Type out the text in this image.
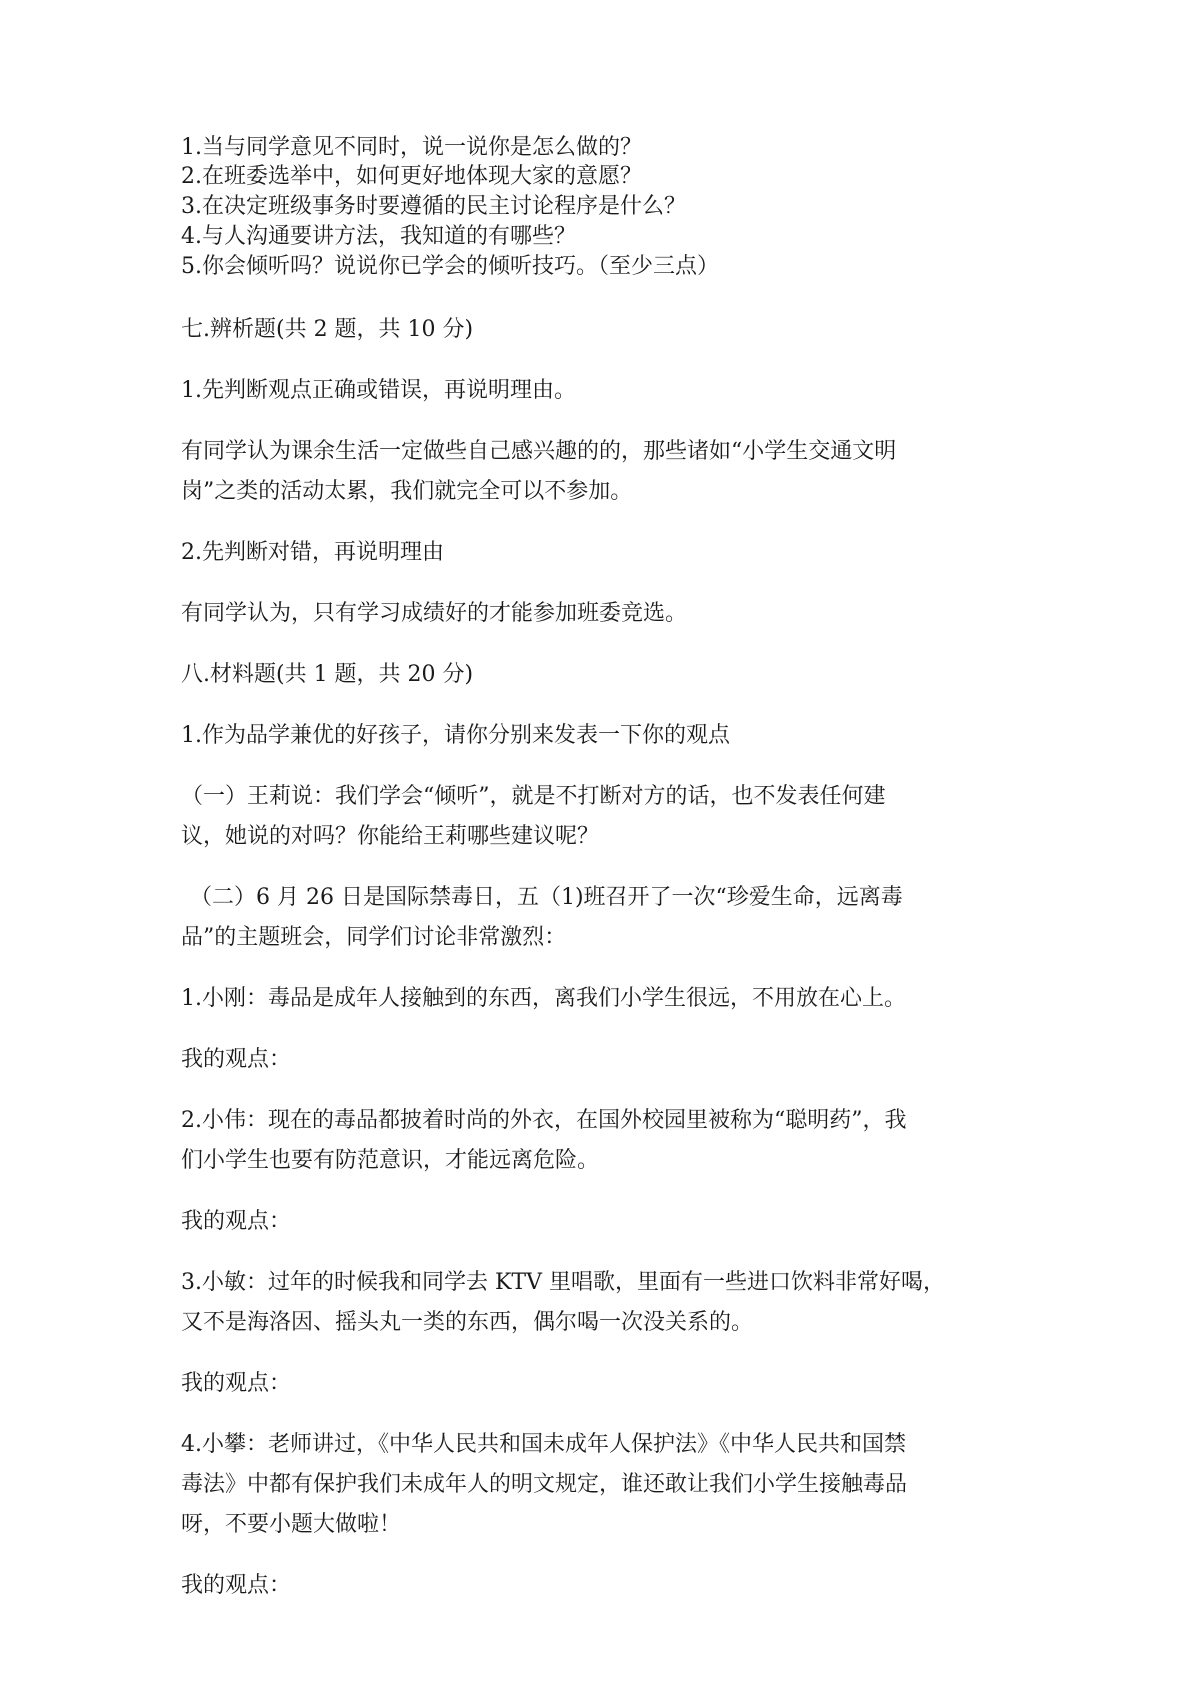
1.当与同学意见不同时，说一说你是怎么做的？

2.在班委选举中，如何更好地体现大家的意愿？

3.在决定班级事务时要遵循的民主讨论程序是什么？

4.与人沟通要讲方法，我知道的有哪些？

5.你会倾听吗？说说你已学会的倾听技巧。（至少三点）

七.辨析题(共 2 题，共 10 分)

1.先判断观点正确或错误，再说明理由。

有同学认为课余生活一定做些自己感兴趣的的，那些诸如“小学生交通文明

岗”之类的活动太累，我们就完全可以不参加。

2.先判断对错，再说明理由

有同学认为，只有学习成绩好的才能参加班委竞选。

八.材料题(共 1 题，共 20 分)

1.作为品学兼优的好孩子，请你分别来发表一下你的观点

（一）王莉说：我们学会“倾听”，就是不打断对方的话，也不发表任何建

议，她说的对吗？你能给王莉哪些建议呢？

（二）6 月 26 日是国际禁毒日，五（1)班召开了一次“珍爱生命，远离毒

品”的主题班会，同学们讨论非常激烈：

1.小刚：毒品是成年人接触到的东西，离我们小学生很远，不用放在心上。

我的观点：

2.小伟：现在的毒品都披着时尚的外衣，在国外校园里被称为“聪明药”，我

们小学生也要有防范意识，才能远离危险。

我的观点：

3.小敏：过年的时候我和同学去 KTV 里唱歌，里面有一些进口饮料非常好喝，

又不是海洛因、摇头丸一类的东西，偶尔喝一次没关系的。

我的观点：

4.小攀：老师讲过，《中华人民共和国未成年人保护法》《中华人民共和国禁

毒法》中都有保护我们未成年人的明文规定，谁还敢让我们小学生接触毒品

呀，不要小题大做啦！

我的观点：
